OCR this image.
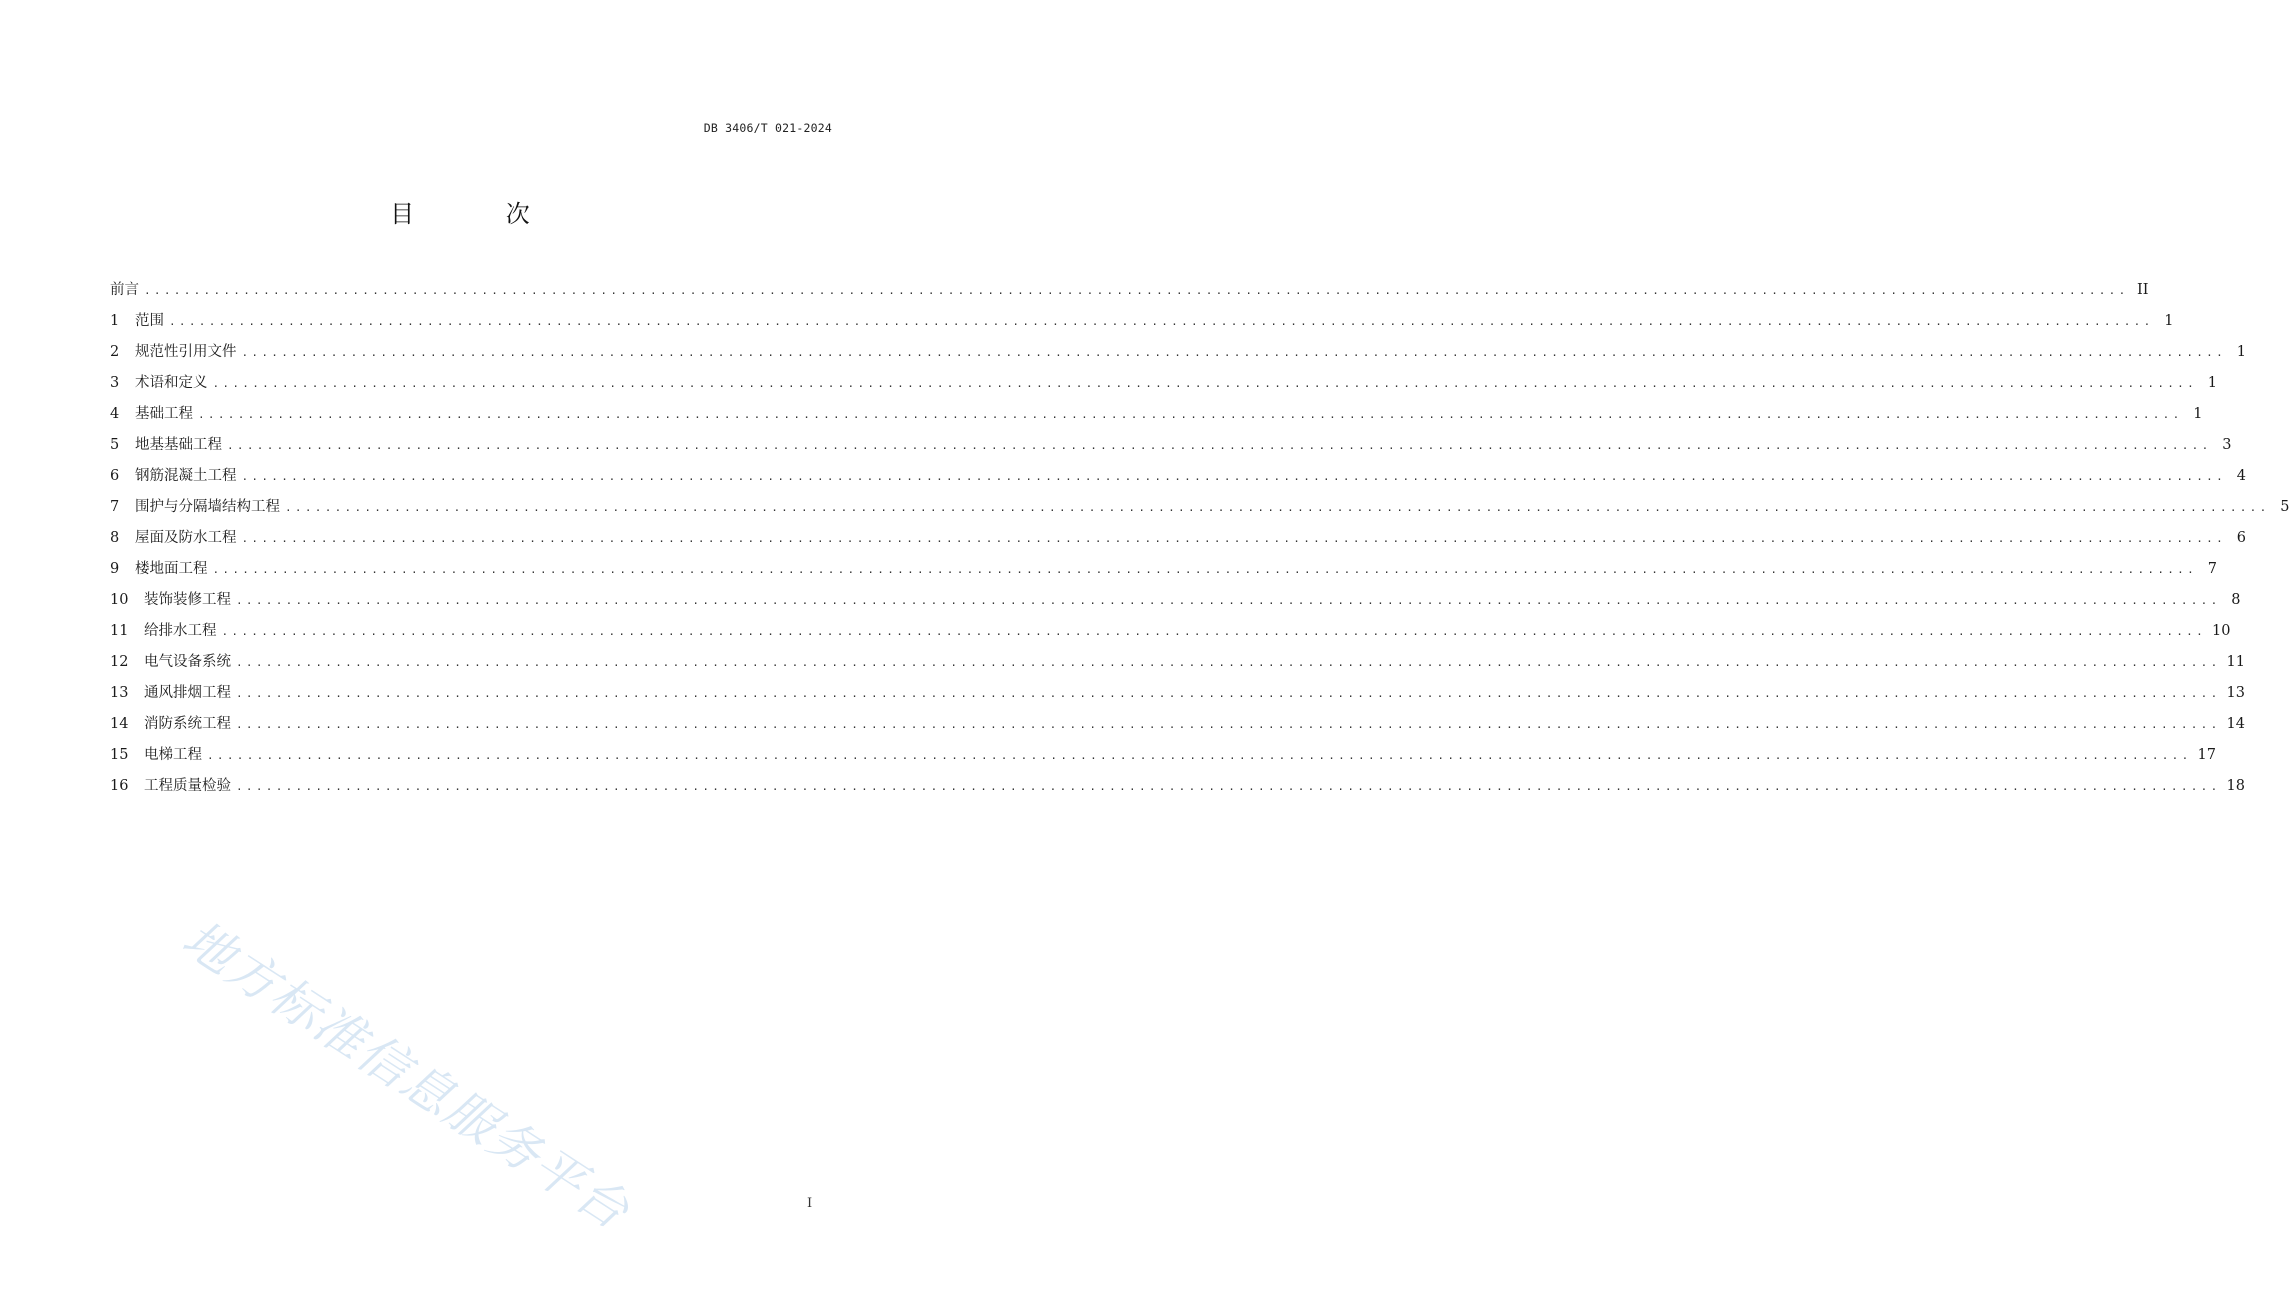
DB 3406/T 021-2024
目 次
前言 ........................................................................................................................................................................................................ II
1	范围 ........................................................................................................................................................................................................ 1
2	规范性引用文件 ........................................................................................................................................................................................................ 1
3	术语和定义 ........................................................................................................................................................................................................ 1
4	基础工程 ........................................................................................................................................................................................................ 1
5	地基基础工程 ........................................................................................................................................................................................................ 3
6	钢筋混凝土工程 ........................................................................................................................................................................................................ 4
7	围护与分隔墙结构工程 ........................................................................................................................................................................................................ 5
8	屋面及防水工程 ........................................................................................................................................................................................................ 6
9	楼地面工程 ........................................................................................................................................................................................................ 7
10	装饰装修工程 ........................................................................................................................................................................................................ 8
11	给排水工程 ........................................................................................................................................................................................................ 10
12	电气设备系统 ........................................................................................................................................................................................................ 11
13	通风排烟工程 ........................................................................................................................................................................................................ 13
14	消防系统工程 ........................................................................................................................................................................................................ 14
15	电梯工程 ........................................................................................................................................................................................................ 17
16	工程质量检验 ........................................................................................................................................................................................................ 18
地方标准信息服务平台	I
